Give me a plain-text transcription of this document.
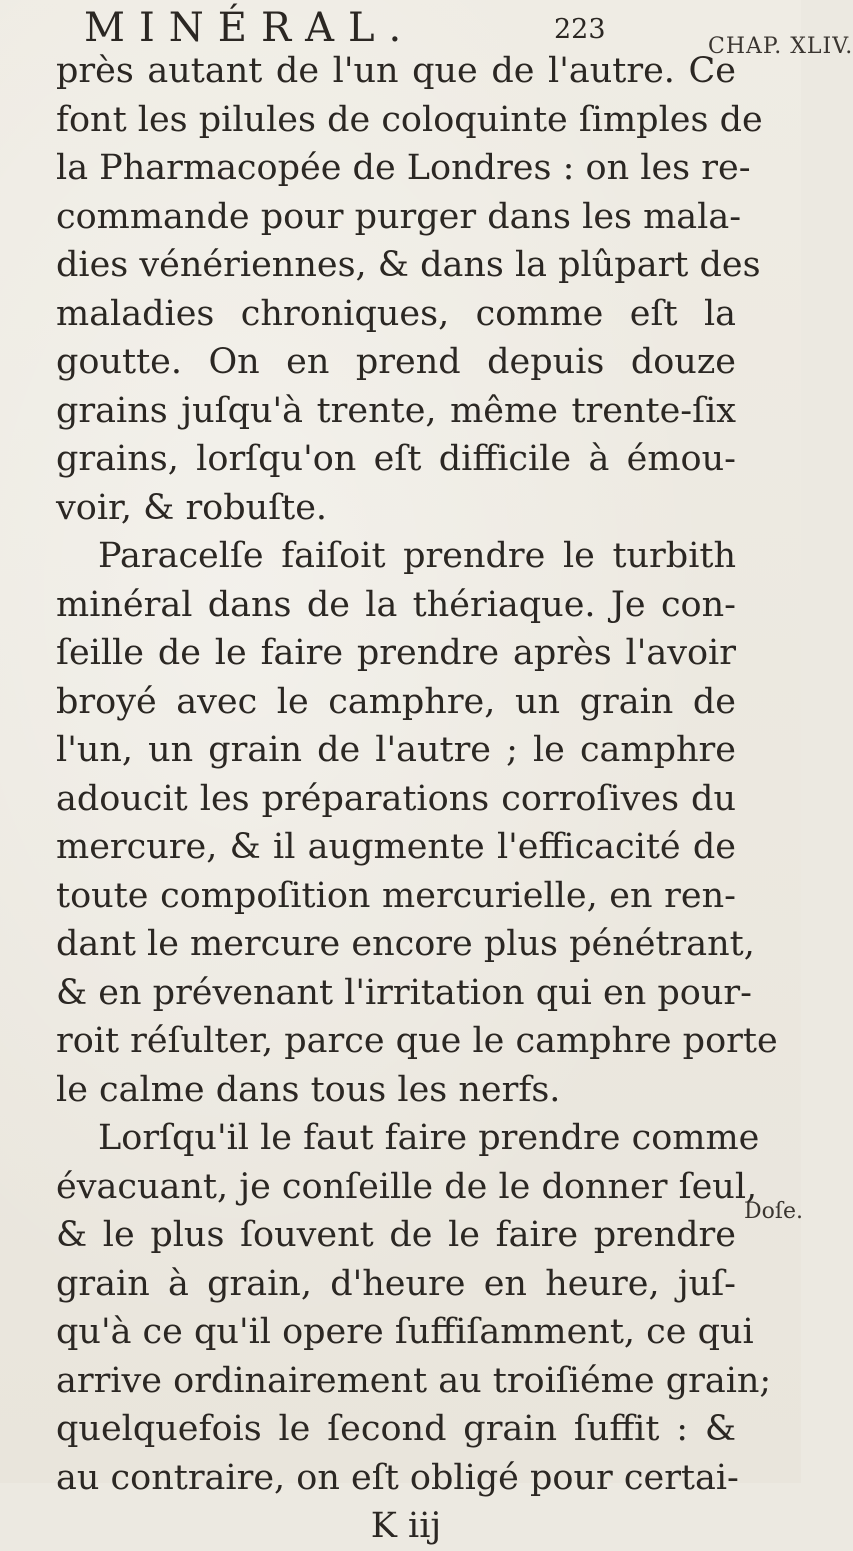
MINÉRAL.	223
CHAP. XLIV.
Doſe.
près autant de l'un que de l'autre. Ce
font les pilules de coloquinte ſimples de
la Pharmacopée de Londres : on les re-
commande pour purger dans les mala-
dies vénériennes, & dans la plûpart des
maladies chroniques, comme eſt la
goutte. On en prend depuis douze
grains juſqu'à trente, même trente-ſix
grains, lorſqu'on eſt difficile à émou-
voir, & robuſte.
Paracelſe faiſoit prendre le turbith
minéral dans de la thériaque. Je con-
ſeille de le faire prendre après l'avoir
broyé avec le camphre, un grain de
l'un, un grain de l'autre ; le camphre
adoucit les préparations corroſives du
mercure, & il augmente l'efficacité de
toute compoſition mercurielle, en ren-
dant le mercure encore plus pénétrant,
& en prévenant l'irritation qui en pour-
roit réſulter, parce que le camphre porte
le calme dans tous les nerfs.
Lorſqu'il le faut faire prendre comme
évacuant, je conſeille de le donner ſeul,
& le plus ſouvent de le faire prendre
grain à grain, d'heure en heure, juſ-
qu'à ce qu'il opere ſuffiſamment, ce qui
arrive ordinairement au troiſiéme grain;
quelquefois le ſecond grain ſuffit : &
au contraire, on eſt obligé pour certai-
K iij
